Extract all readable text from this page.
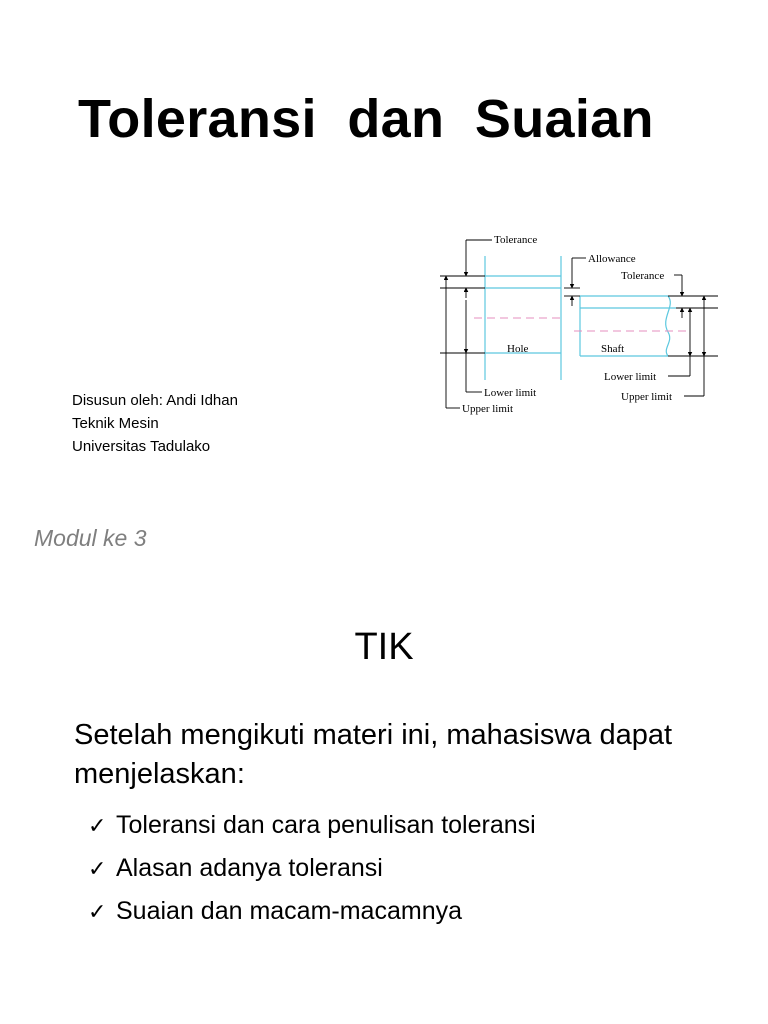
Toleransi  dan  Suaian
Tolerance
Allowance
Tolerance
Hole	Shaft
Lower limit
Upper limit
Lower limit
Upper limit
Disusun oleh: Andi Idhan
Teknik Mesin
Universitas Tadulako
Modul ke 3
TIK
Setelah mengikuti materi ini, mahasiswa dapat menjelaskan:
✓ Toleransi dan cara penulisan toleransi
✓ Alasan adanya toleransi
✓ Suaian dan macam-macamnya
